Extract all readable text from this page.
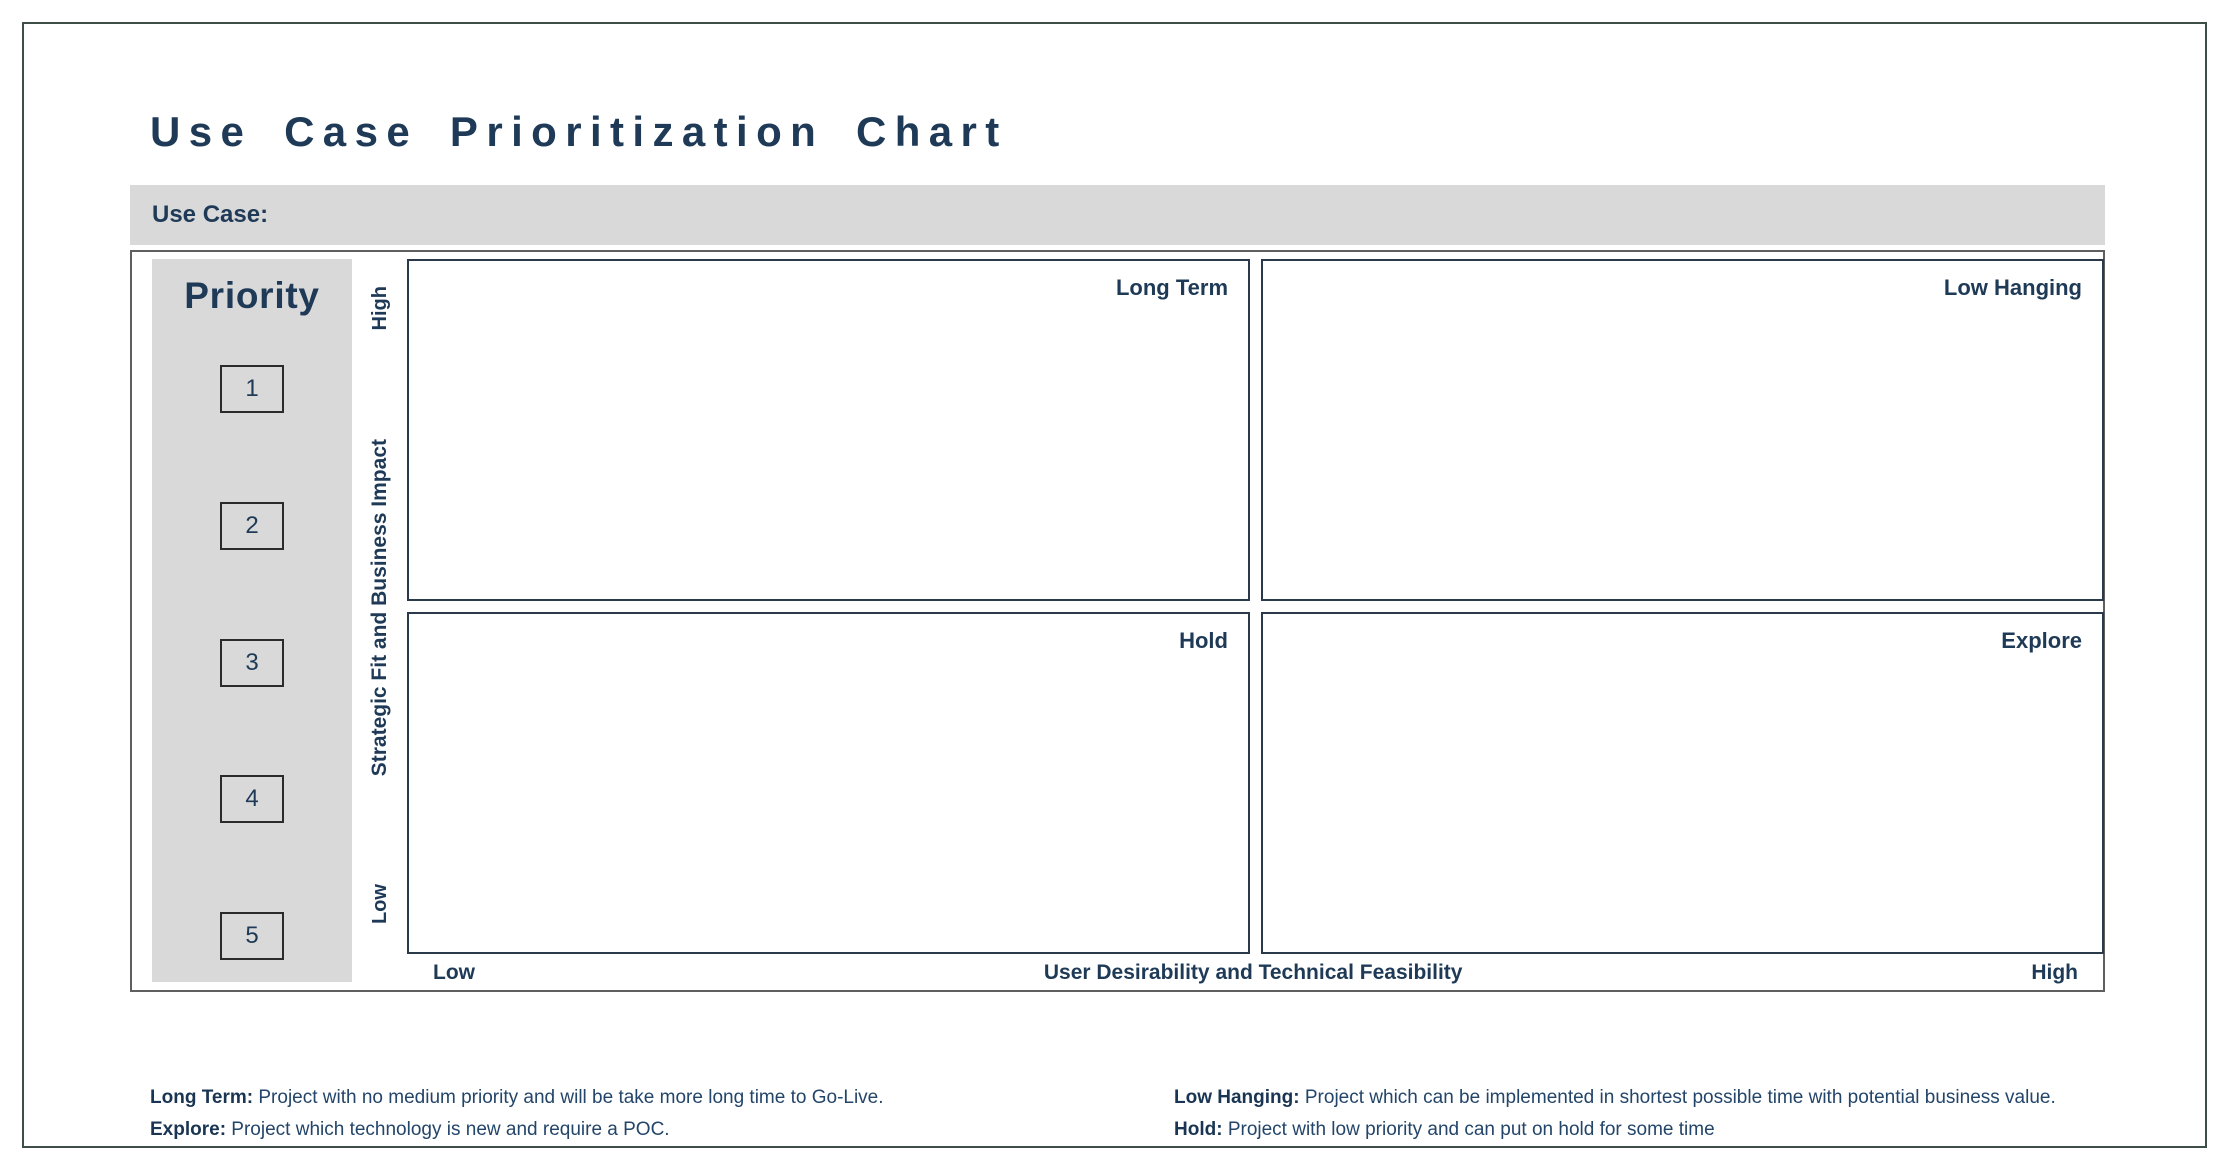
Use Case Prioritization Chart
Use Case:
Priority
1
2
3
4
5
High
Strategic Fit and Business Impact
Low
Long Term	Low Hanging
Hold	Explore
Low	User Desirability and Technical Feasibility	High

Long Term: Project with no medium priority and will be take more long time to Go-Live.

Explore: Project which technology is new and require a POC.

Low Hanging: Project which can be implemented in shortest possible time with potential business value.

Hold: Project with low priority and can put on hold for some time
